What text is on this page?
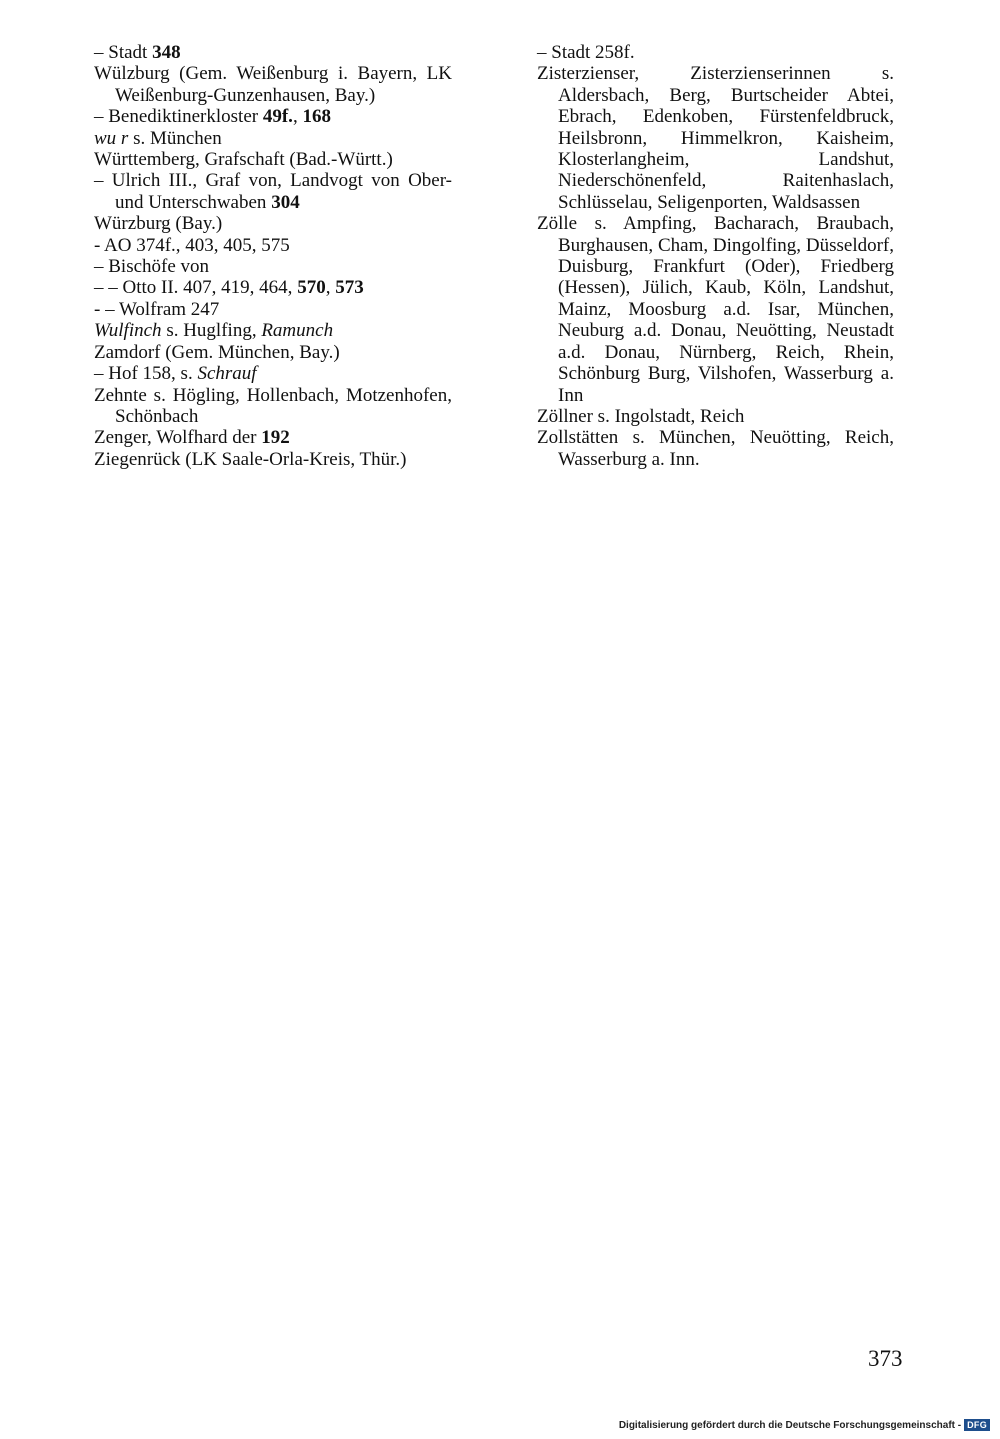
– Stadt 348

Wülzburg (Gem. Weißenburg i. Bayern, LK Weißenburg-Gunzenhausen, Bay.)

– Benediktinerkloster 49f., 168

wu r s. München

Württemberg, Grafschaft (Bad.-Württ.)

– Ulrich III., Graf von, Landvogt von Ober- und Unterschwaben 304

Würzburg (Bay.)

- AO 374f., 403, 405, 575

– Bischöfe von

– – Otto II. 407, 419, 464, 570, 573

- – Wolfram 247

Wulfinch s. Huglfing, Ramunch

Zamdorf (Gem. München, Bay.)

– Hof 158, s. Schrauf

Zehnte s. Högling, Hollenbach, Motzenhofen, Schönbach

Zenger, Wolfhard der 192

Ziegenrück (LK Saale-Orla-Kreis, Thür.)

– Stadt 258f.

Zisterzienser, Zisterzienserinnen s. Aldersbach, Berg, Burtscheider Abtei, Ebrach, Edenkoben, Fürstenfeldbruck, Heilsbronn, Himmelkron, Kaisheim, Klosterlangheim, Landshut, Niederschönenfeld, Raitenhaslach, Schlüsselau, Seligenporten, Waldsassen

Zölle s. Ampfing, Bacharach, Braubach, Burghausen, Cham, Dingolfing, Düsseldorf, Duisburg, Frankfurt (Oder), Friedberg (Hessen), Jülich, Kaub, Köln, Landshut, Mainz, Moosburg a.d. Isar, München, Neuburg a.d. Donau, Neuötting, Neustadt a.d. Donau, Nürnberg, Reich, Rhein, Schönburg Burg, Vilshofen, Wasserburg a. Inn

Zöllner s. Ingolstadt, Reich

Zollstätten s. München, Neuötting, Reich, Wasserburg a. Inn.

373
Digitalisierung gefördert durch die Deutsche Forschungsgemeinschaft - DFG
